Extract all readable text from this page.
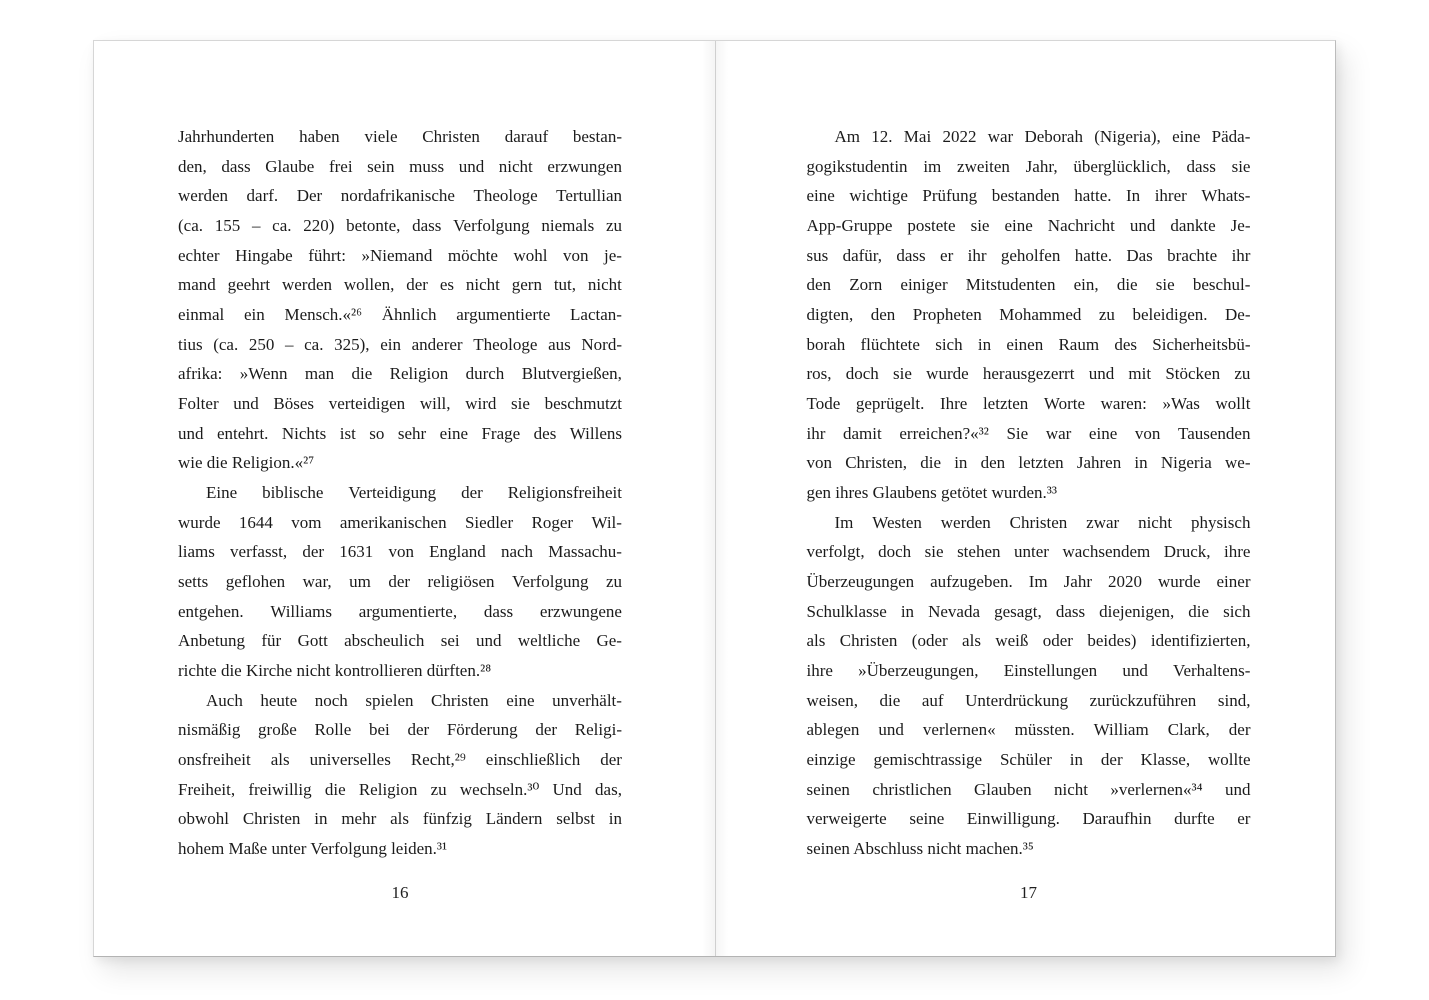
Jahrhunderten haben viele Christen darauf bestan-
den, dass Glaube frei sein muss und nicht erzwungen
werden darf. Der nordafrikanische Theologe Tertullian
(ca. 155 – ca. 220) betonte, dass Verfolgung niemals zu
echter Hingabe führt: »Niemand möchte wohl von je-
mand geehrt werden wollen, der es nicht gern tut, nicht
einmal ein Mensch.«²⁶ Ähnlich argumentierte Lactan-
tius (ca. 250 – ca. 325), ein anderer Theologe aus Nord-
afrika: »Wenn man die Religion durch Blutvergießen,
Folter und Böses verteidigen will, wird sie beschmutzt
und entehrt. Nichts ist so sehr eine Frage des Willens
wie die Religion.«²⁷
Eine biblische Verteidigung der Religionsfreiheit
wurde 1644 vom amerikanischen Siedler Roger Wil-
liams verfasst, der 1631 von England nach Massachu-
setts geflohen war, um der religiösen Verfolgung zu
entgehen. Williams argumentierte, dass erzwungene
Anbetung für Gott abscheulich sei und weltliche Ge-
richte die Kirche nicht kontrollieren dürften.²⁸
Auch heute noch spielen Christen eine unverhält-
nismäßig große Rolle bei der Förderung der Religi-
onsfreiheit als universelles Recht,²⁹ einschließlich der
Freiheit, freiwillig die Religion zu wechseln.³⁰ Und das,
obwohl Christen in mehr als fünfzig Ländern selbst in
hohem Maße unter Verfolgung leiden.³¹
16
Am 12. Mai 2022 war Deborah (Nigeria), eine Päda-
gogikstudentin im zweiten Jahr, überglücklich, dass sie
eine wichtige Prüfung bestanden hatte. In ihrer Whats-
App-Gruppe postete sie eine Nachricht und dankte Je-
sus dafür, dass er ihr geholfen hatte. Das brachte ihr
den Zorn einiger Mitstudenten ein, die sie beschul-
digten, den Propheten Mohammed zu beleidigen. De-
borah flüchtete sich in einen Raum des Sicherheitsbü-
ros, doch sie wurde herausgezerrt und mit Stöcken zu
Tode geprügelt. Ihre letzten Worte waren: »Was wollt
ihr damit erreichen?«³² Sie war eine von Tausenden
von Christen, die in den letzten Jahren in Nigeria we-
gen ihres Glaubens getötet wurden.³³
Im Westen werden Christen zwar nicht physisch
verfolgt, doch sie stehen unter wachsendem Druck, ihre
Überzeugungen aufzugeben. Im Jahr 2020 wurde einer
Schulklasse in Nevada gesagt, dass diejenigen, die sich
als Christen (oder als weiß oder beides) identifizierten,
ihre »Überzeugungen, Einstellungen und Verhaltens-
weisen, die auf Unterdrückung zurückzuführen sind,
ablegen und verlernen« müssten. William Clark, der
einzige gemischtrassige Schüler in der Klasse, wollte
seinen christlichen Glauben nicht »verlernen«³⁴ und
verweigerte seine Einwilligung. Daraufhin durfte er
seinen Abschluss nicht machen.³⁵
17
